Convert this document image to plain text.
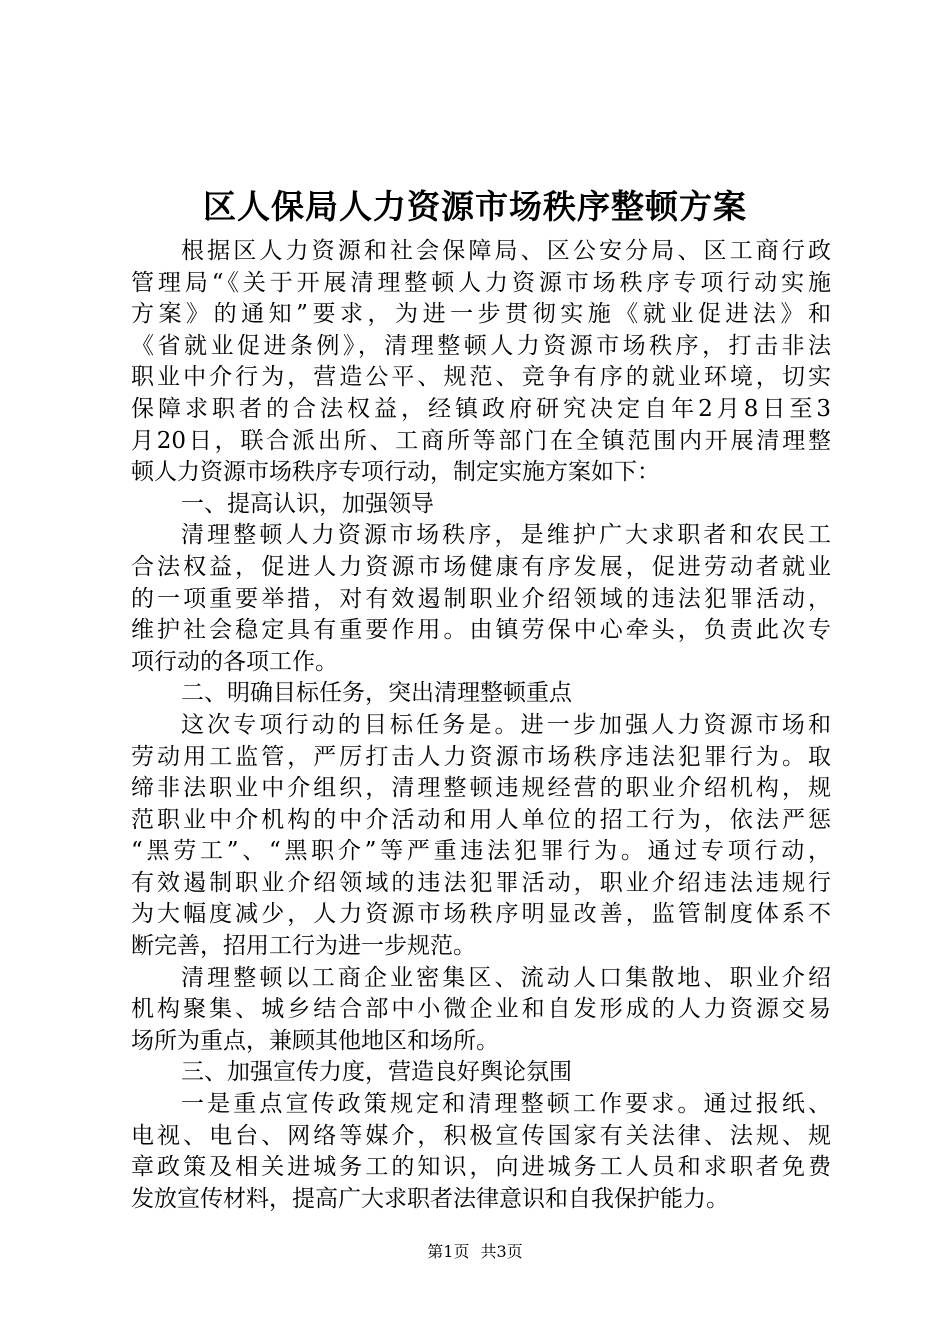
区人保局人力资源市场秩序整顿方案
根据区人力资源和社会保障局、区公安分局、区工商行政
管理局“《关于开展清理整顿人力资源市场秩序专项行动实施
方案》的通知”要求，为进一步贯彻实施《就业促进法》和
《省就业促进条例》，清理整顿人力资源市场秩序，打击非法
职业中介行为，营造公平、规范、竞争有序的就业环境，切实
保障求职者的合法权益，经镇政府研究决定自年2月8日至3
月20日，联合派出所、工商所等部门在全镇范围内开展清理整
顿人力资源市场秩序专项行动，制定实施方案如下：
一、提高认识，加强领导
清理整顿人力资源市场秩序，是维护广大求职者和农民工
合法权益，促进人力资源市场健康有序发展，促进劳动者就业
的一项重要举措，对有效遏制职业介绍领域的违法犯罪活动，
维护社会稳定具有重要作用。由镇劳保中心牵头，负责此次专
项行动的各项工作。
二、明确目标任务，突出清理整顿重点
这次专项行动的目标任务是。进一步加强人力资源市场和
劳动用工监管，严厉打击人力资源市场秩序违法犯罪行为。取
缔非法职业中介组织，清理整顿违规经营的职业介绍机构，规
范职业中介机构的中介活动和用人单位的招工行为，依法严惩
“黑劳工”、“黑职介”等严重违法犯罪行为。通过专项行动，
有效遏制职业介绍领域的违法犯罪活动，职业介绍违法违规行
为大幅度减少，人力资源市场秩序明显改善，监管制度体系不
断完善，招用工行为进一步规范。
清理整顿以工商企业密集区、流动人口集散地、职业介绍
机构聚集、城乡结合部中小微企业和自发形成的人力资源交易
场所为重点，兼顾其他地区和场所。
三、加强宣传力度，营造良好舆论氛围
一是重点宣传政策规定和清理整顿工作要求。通过报纸、
电视、电台、网络等媒介，积极宣传国家有关法律、法规、规
章政策及相关进城务工的知识，向进城务工人员和求职者免费
发放宣传材料，提高广大求职者法律意识和自我保护能力。
第1页 共3页
